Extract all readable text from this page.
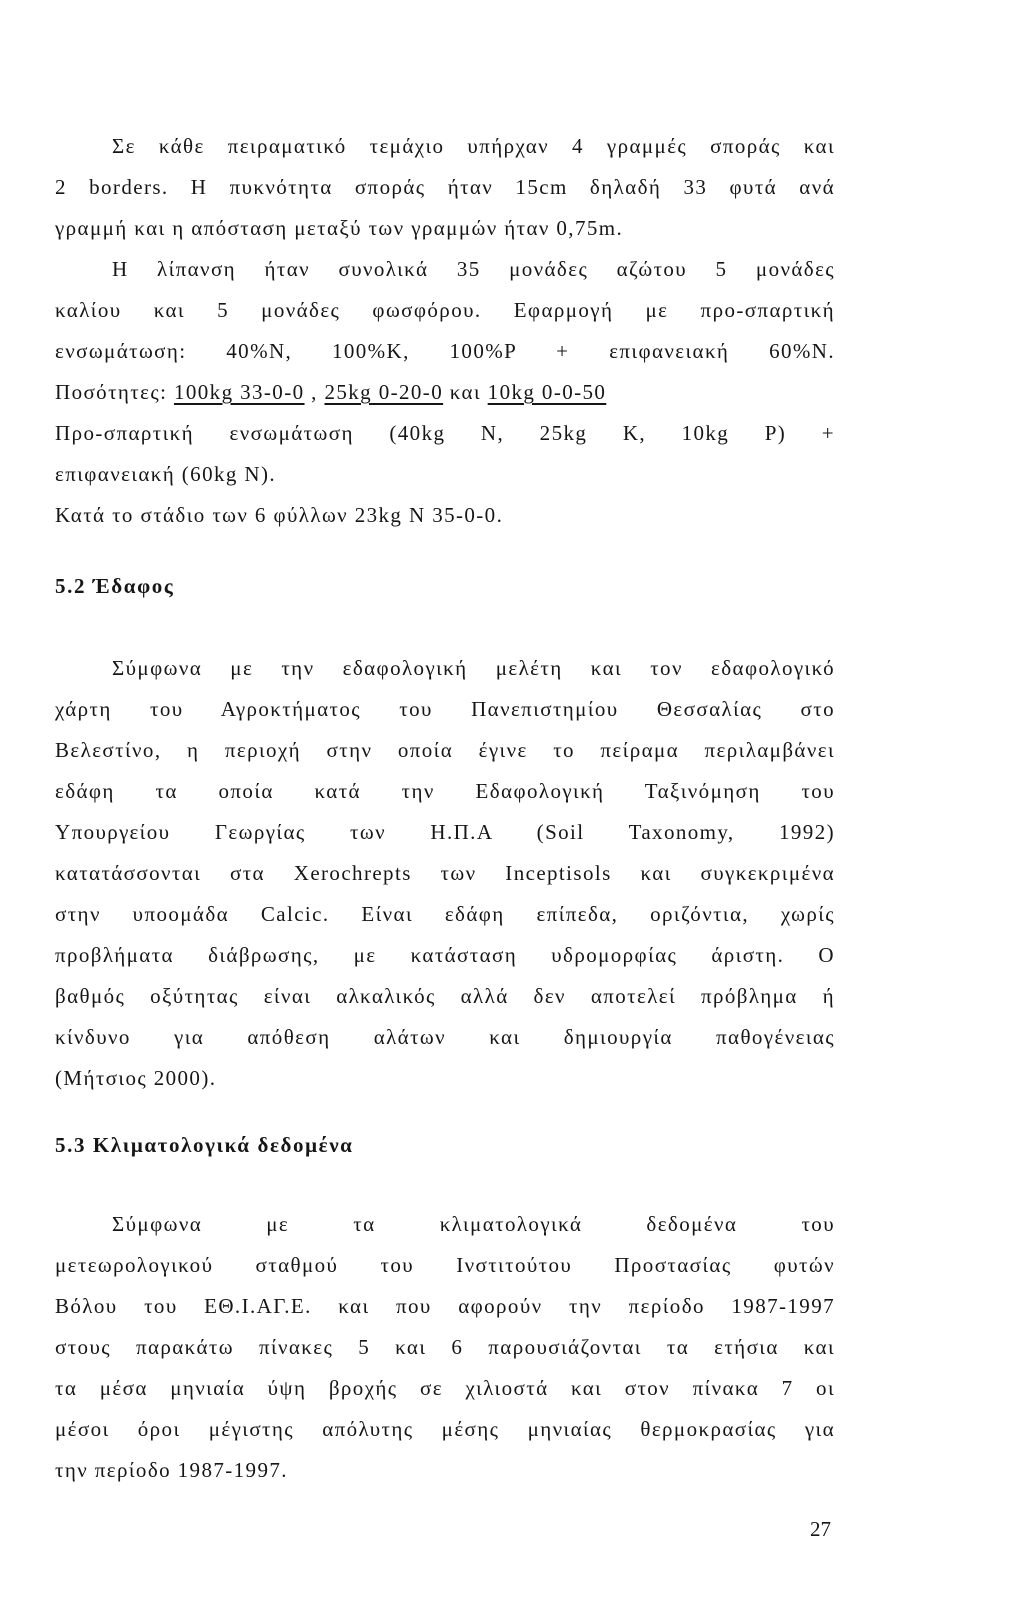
Σε κάθε πειραματικό τεμάχιο υπήρχαν 4 γραμμές σποράς και
2 borders. Η πυκνότητα σποράς ήταν 15cm δηλαδή 33 φυτά ανά
γραμμή και η απόσταση μεταξύ των γραμμών ήταν 0,75m.
Η λίπανση ήταν συνολικά 35 μονάδες αζώτου 5 μονάδες
καλίου και 5 μονάδες φωσφόρου. Εφαρμογή με προ-σπαρτική
ενσωμάτωση: 40%N, 100%K, 100%P + επιφανειακή 60%N.
Ποσότητες: 100kg 33-0-0 , 25kg 0-20-0 και 10kg 0-0-50
Προ-σπαρτική ενσωμάτωση (40kg N, 25kg K, 10kg P) +
επιφανειακή (60kg N).
Κατά το στάδιο των 6 φύλλων 23kg N 35-0-0.
5.2 Έδαφος
Σύμφωνα με την εδαφολογική μελέτη και τον εδαφολογικό
χάρτη του Αγροκτήματος του Πανεπιστημίου Θεσσαλίας στο
Βελεστίνο, η περιοχή στην οποία έγινε το πείραμα περιλαμβάνει
εδάφη τα οποία κατά την Εδαφολογική Ταξινόμηση του
Υπουργείου Γεωργίας των Η.Π.Α (Soil Taxonomy, 1992)
κατατάσσονται στα Xerochrepts των Inceptisols και συγκεκριμένα
στην υποομάδα Calcic. Είναι εδάφη επίπεδα, οριζόντια, χωρίς
προβλήματα διάβρωσης, με κατάσταση υδρομορφίας άριστη. Ο
βαθμός οξύτητας είναι αλκαλικός αλλά δεν αποτελεί πρόβλημα ή
κίνδυνο για απόθεση αλάτων και δημιουργία παθογένειας
(Μήτσιος 2000).
5.3 Κλιματολογικά δεδομένα
Σύμφωνα με τα κλιματολογικά δεδομένα του
μετεωρολογικού σταθμού του Ινστιτούτου Προστασίας φυτών
Βόλου του ΕΘ.Ι.ΑΓ.Ε. και που αφορούν την περίοδο 1987-1997
στους παρακάτω πίνακες 5 και 6 παρουσιάζονται τα ετήσια και
τα μέσα μηνιαία ύψη βροχής σε χιλιοστά και στον πίνακα 7 οι
μέσοι όροι μέγιστης απόλυτης μέσης μηνιαίας θερμοκρασίας για
την περίοδο 1987-1997.
27
